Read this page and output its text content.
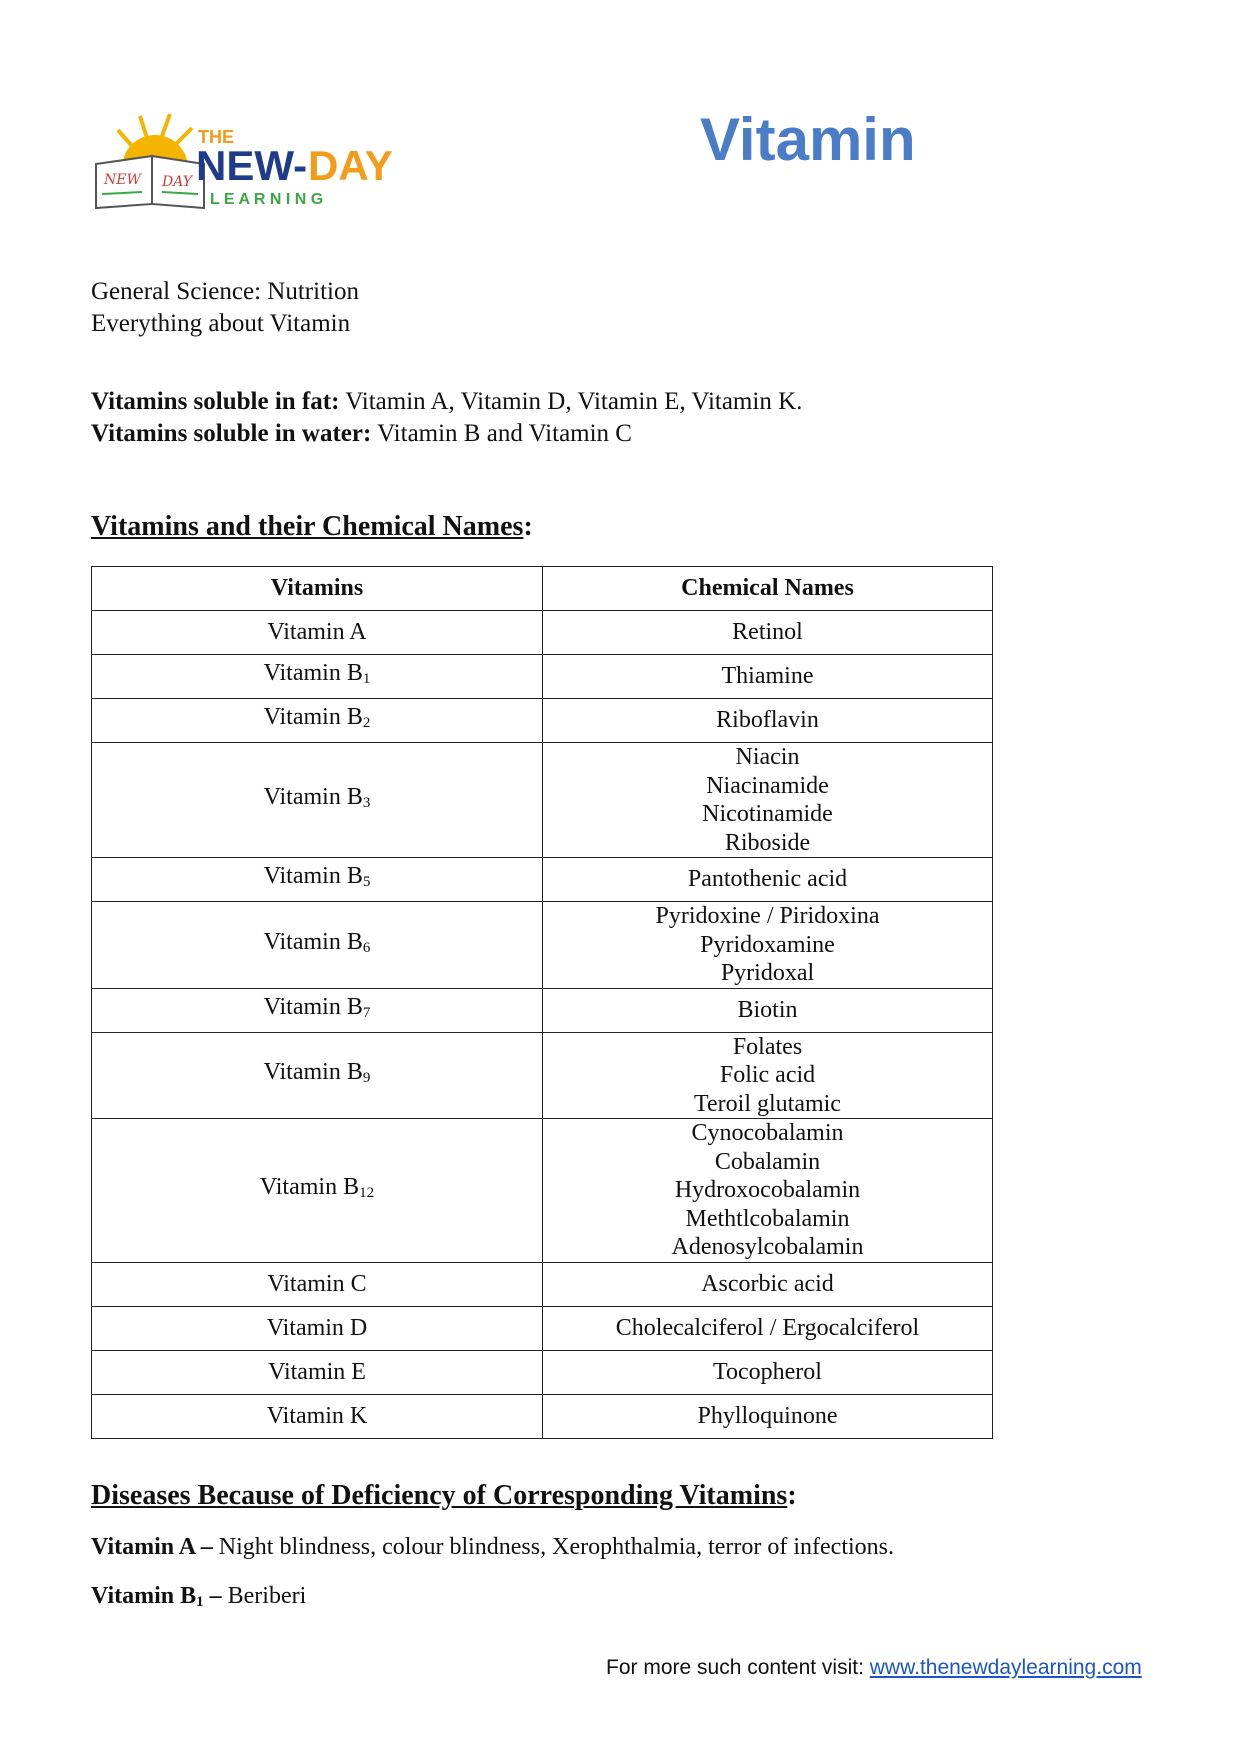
NEW DAY
THE
NEW- DAY
L E A R N I N G
Vitamin
General Science: Nutrition
Everything about Vitamin
Vitamins soluble in fat: Vitamin A, Vitamin D, Vitamin E, Vitamin K.
Vitamins soluble in water: Vitamin B and Vitamin C
Vitamins and their Chemical Names:
Vitamins	Chemical Names
Vitamin A	Retinol

Vitamin $B_1$	Thiamine

Vitamin $B_2$	Riboflavin

Vitamin $B_3$	Niacin
Niacinamide
Nicotinamide
Riboside

Vitamin $B_5$	Pantothenic acid

Vitamin $B_6$	Pyridoxine / Piridoxina
Pyridoxamine
Pyridoxal

Vitamin $B_7$	Biotin

Vitamin $B_9$	Folates
Folic acid
Teroil glutamic

Vitamin $B_{12}$	Cynocobalamin
Cobalamin
Hydroxocobalamin
Methtlcobalamin
Adenosylcobalamin

Vitamin C	Ascorbic acid

Vitamin D	Cholecalciferol / Ergocalciferol

Vitamin E	Tocopherol

Vitamin K	Phylloquinone
Diseases Because of Deficiency of Corresponding Vitamins:
Vitamin A – Night blindness, colour blindness, Xerophthalmia, terror of infections.
Vitamin $B_1$ – Beriberi
For more such content visit: www.thenewdaylearning.com
